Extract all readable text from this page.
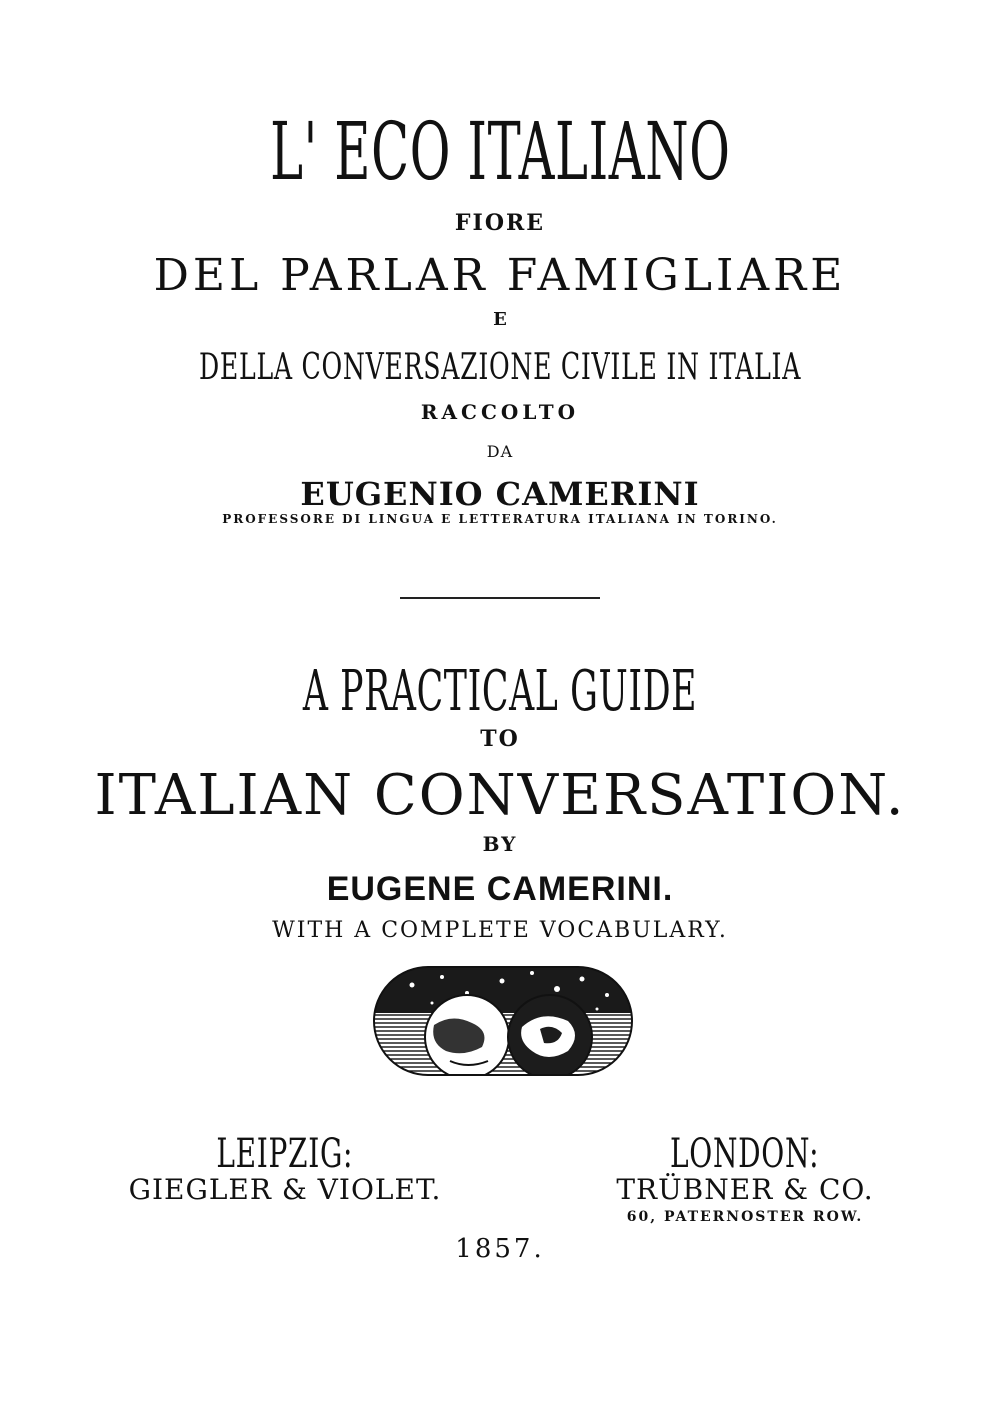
L' ECO ITALIANO
FIORE
DEL PARLAR FAMIGLIARE
E
DELLA CONVERSAZIONE CIVILE IN ITALIA
RACCOLTO
DA
EUGENIO CAMERINI
PROFESSORE DI LINGUA E LETTERATURA ITALIANA IN TORINO.
A PRACTICAL GUIDE
TO
ITALIAN CONVERSATION.
BY
EUGENE CAMERINI.
WITH A COMPLETE VOCABULARY.
LEIPZIG:
GIEGLER & VIOLET.
LONDON:
TRÜBNER & CO.
60, PATERNOSTER ROW.
1857.
